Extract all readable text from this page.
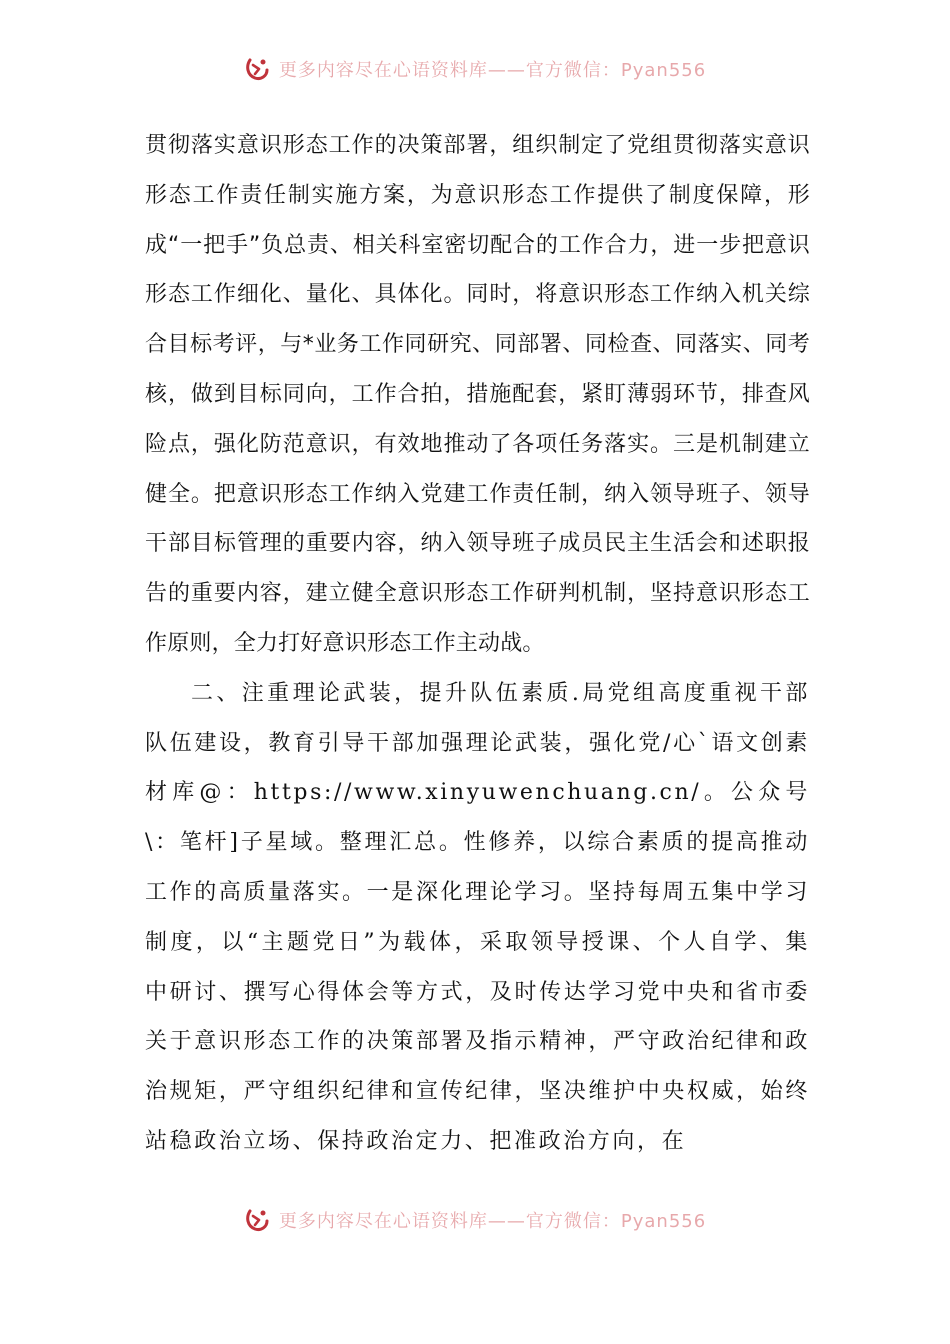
更多内容尽在心语资料库——官方微信：Pyan556

贯彻落实意识形态工作的决策部署，组织制定了党组贯彻落实意识形态工作责任制实施方案，为意识形态工作提供了制度保障，形成“一把手”负总责、相关科室密切配合的工作合力，进一步把意识形态工作细化、量化、具体化。同时，将意识形态工作纳入机关综合目标考评，与*业务工作同研究、同部署、同检查、同落实、同考核，做到目标同向，工作合拍，措施配套，紧盯薄弱环节，排查风险点，强化防范意识，有效地推动了各项任务落实。三是机制建立健全。把意识形态工作纳入党建工作责任制，纳入领导班子、领导干部目标管理的重要内容，纳入领导班子成员民主生活会和述职报告的重要内容，建立健全意识形态工作研判机制，坚持意识形态工作原则，全力打好意识形态工作主动战。

二、注重理论武装，提升队伍素质.局党组高度重视干部队伍建设，教育引导干部加强理论武装，强化党/心`语文创素材库@：https://www.xinyuwenchuang.cn/。公众号\：笔杆]子星域。整理汇总。性修养，以综合素质的提高推动工作的高质量落实。一是深化理论学习。坚持每周五集中学习制度，以“主题党日”为载体，采取领导授课、个人自学、集中研讨、撰写心得体会等方式，及时传达学习党中央和省市委关于意识形态工作的决策部署及指示精神，严守政治纪律和政治规矩，严守组织纪律和宣传纪律，坚决维护中央权威，始终站稳政治立场、保持政治定力、把准政治方向，在

更多内容尽在心语资料库——官方微信：Pyan556
